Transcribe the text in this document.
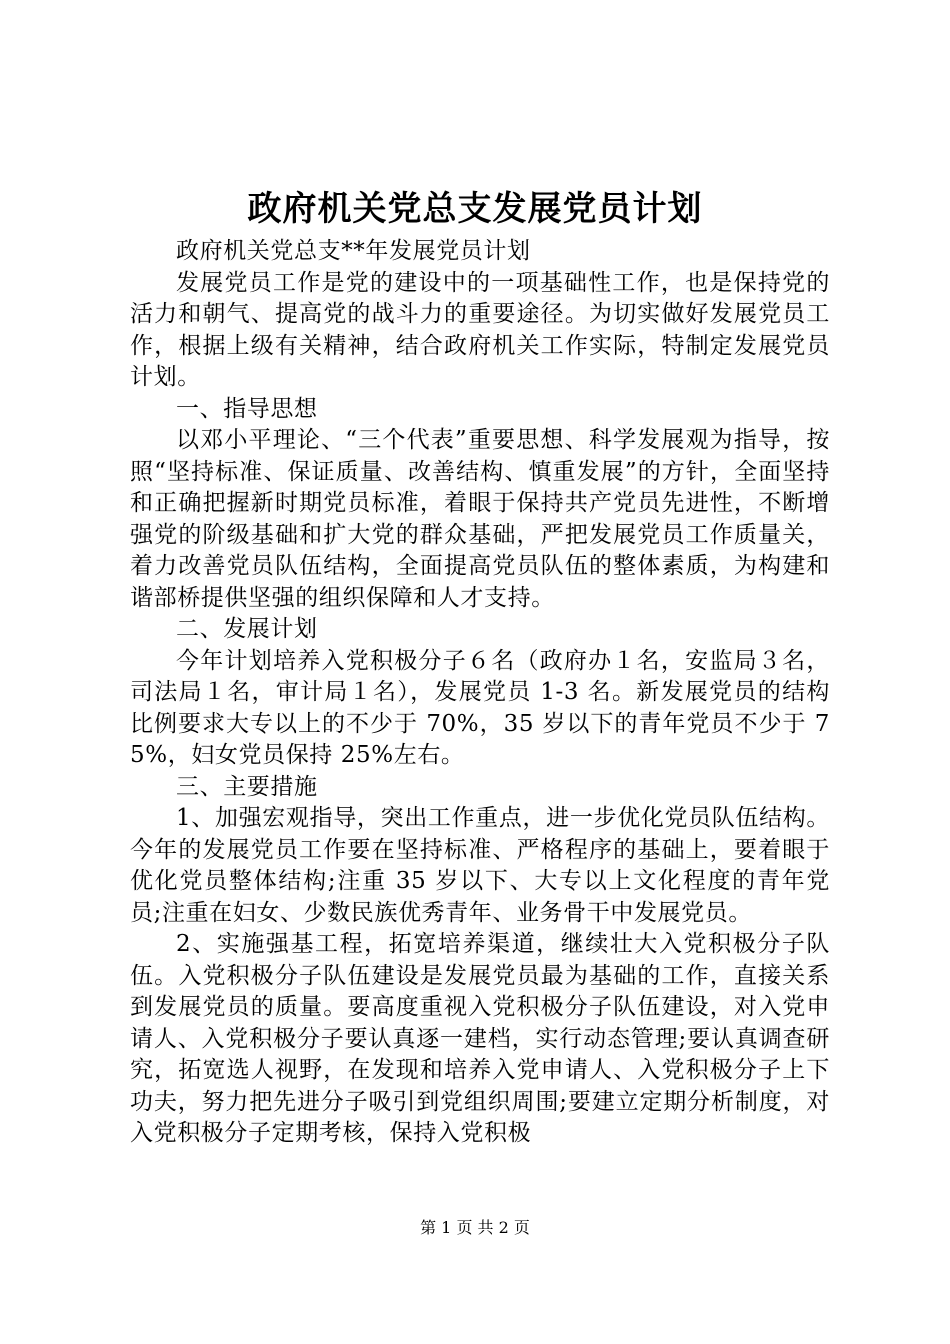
政府机关党总支发展党员计划

政府机关党总支**年发展党员计划

发展党员工作是党的建设中的一项基础性工作，也是保持党的活力和朝气、提高党的战斗力的重要途径。为切实做好发展党员工作，根据上级有关精神，结合政府机关工作实际，特制定发展党员计划。

一、指导思想

以邓小平理论、“三个代表”重要思想、科学发展观为指导，按照“坚持标准、保证质量、改善结构、慎重发展”的方针，全面坚持和正确把握新时期党员标准，着眼于保持共产党员先进性，不断增强党的阶级基础和扩大党的群众基础，严把发展党员工作质量关，着力改善党员队伍结构，全面提高党员队伍的整体素质，为构建和谐部桥提供坚强的组织保障和人才支持。

二、发展计划

今年计划培养入党积极分子６名（政府办１名，安监局３名，司法局１名，审计局１名），发展党员 1-3 名。新发展党员的结构比例要求大专以上的不少于 70%，35 岁以下的青年党员不少于 75%，妇女党员保持 25%左右。

三、主要措施

1、加强宏观指导，突出工作重点，进一步优化党员队伍结构。今年的发展党员工作要在坚持标准、严格程序的基础上，要着眼于优化党员整体结构;注重 35 岁以下、大专以上文化程度的青年党员;注重在妇女、少数民族优秀青年、业务骨干中发展党员。

2、实施强基工程，拓宽培养渠道，继续壮大入党积极分子队伍。入党积极分子队伍建设是发展党员最为基础的工作，直接关系到发展党员的质量。要高度重视入党积极分子队伍建设，对入党申请人、入党积极分子要认真逐一建档，实行动态管理;要认真调查研究，拓宽选人视野，在发现和培养入党申请人、入党积极分子上下功夫，努力把先进分子吸引到党组织周围;要建立定期分析制度，对入党积极分子定期考核，保持入党积极

第 1 页 共 2 页
